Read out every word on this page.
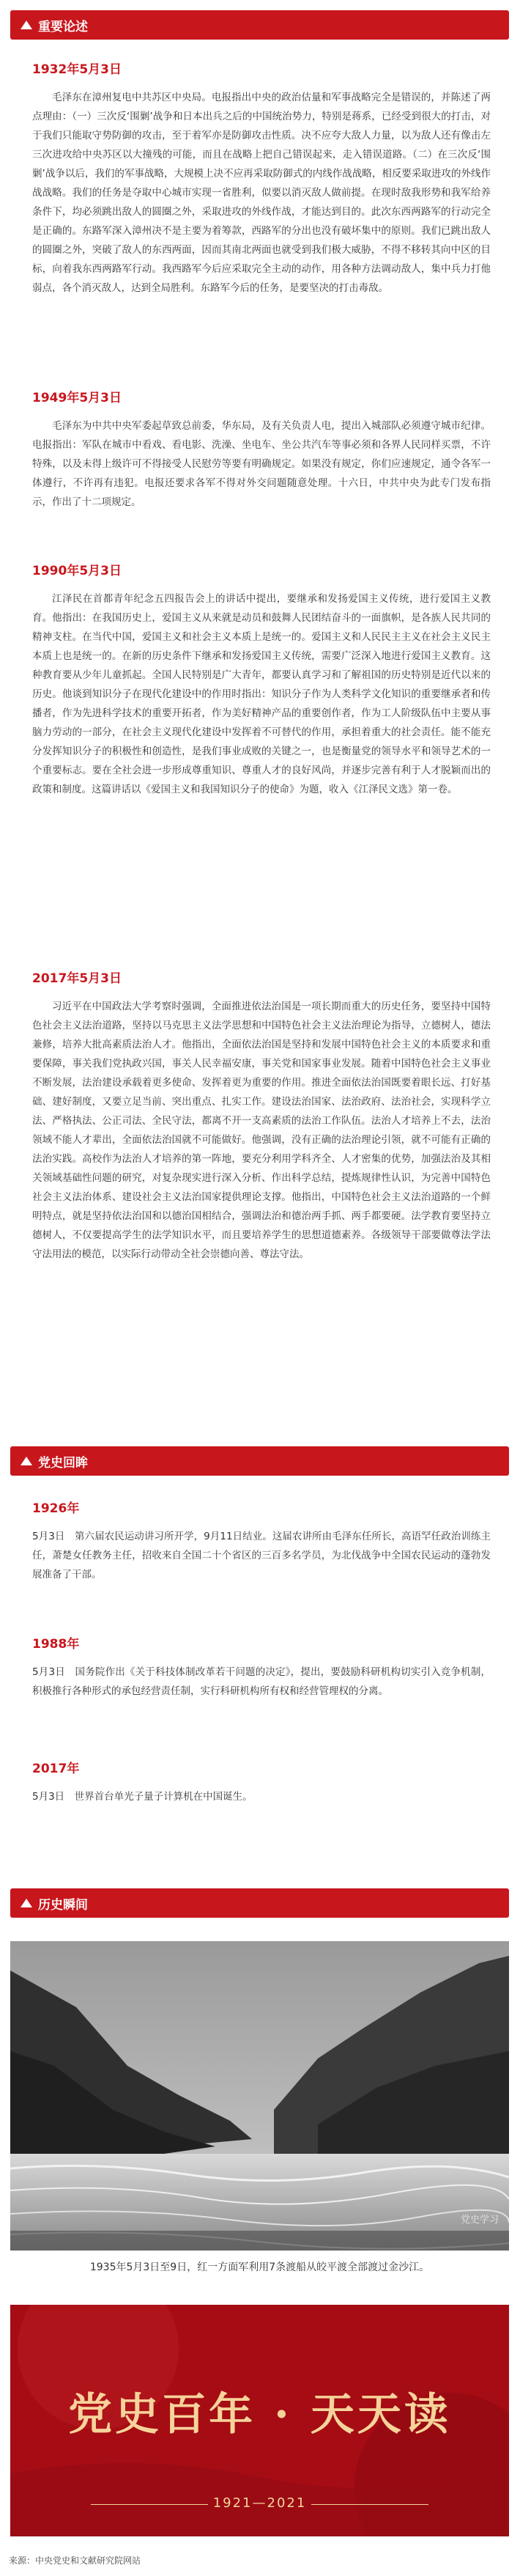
重要论述
1932年5月3日

毛泽东在漳州复电中共苏区中央局。电报指出中央的政治估量和军事战略完全是错误的，并陈述了两点理由：（一）三次反‘围剿’战争和日本出兵之后的中国统治势力，特别是蒋系，已经受到很大的打击，对于我们只能取守势防御的攻击，至于着军亦是防御攻击性质。决不应夸大敌人力量，以为敌人还有像击左三次进攻给中央苏区以大撞残的可能，而且在战略上把自己错误起来，走入错误道路。（二）在三次反‘围剿’战争以后，我们的军事战略，大规模上决不应再采取防御式的内线作战战略，相反要采取进攻的外线作战战略。我们的任务是夺取中心城市实现一省胜利，似要以消灭敌人做前提。在现时敌我形势和我军给养条件下，均必须跳出敌人的圆圈之外，采取进攻的外线作战，才能达到目的。此次东西两路军的行动完全是正确的。东路军深入漳州决不是主要为着筹款，西路军的分出也没有破坏集中的原则。我们已跳出敌人的圆圈之外，突破了敌人的东西两面，因而其南北两面也就受到我们极大威胁，不得不移转其向中区的目标，向着我东西两路军行动。我西路军今后应采取完全主动的动作，用各种方法调动敌人，集中兵力打他弱点，各个消灭敌人，达到全局胜利。东路军今后的任务，是要坚决的打击毒敌。

1949年5月3日

毛泽东为中共中央军委起草致总前委，华东局，及有关负责人电，提出入城部队必须遵守城市纪律。电报指出：军队在城市中看戏、看电影、洗澡、坐电车、坐公共汽车等事必须和各界人民同样买票，不许特殊，以及未得上级许可不得接受人民慰劳等要有明确规定。如果没有规定，你们应速规定，通令各军一体遵行，不许再有违犯。电报还要求各军不得对外交问题随意处理。十六日，中共中央为此专门发布指示，作出了十二项规定。

1990年5月3日

江泽民在首都青年纪念五四报告会上的讲话中提出，要继承和发扬爱国主义传统，进行爱国主义教育。他指出：在我国历史上，爱国主义从来就是动员和鼓舞人民团结奋斗的一面旗帜，是各族人民共同的精神支柱。在当代中国，爱国主义和社会主义本质上是统一的。爱国主义和人民民主主义在社会主义民主本质上也是统一的。在新的历史条件下继承和发扬爱国主义传统，需要广泛深入地进行爱国主义教育。这种教育要从少年儿童抓起。全国人民特别是广大青年，都要认真学习和了解祖国的历史特别是近代以来的历史。他谈到知识分子在现代化建设中的作用时指出：知识分子作为人类科学文化知识的重要继承者和传播者，作为先进科学技术的重要开拓者，作为美好精神产品的重要创作者，作为工人阶级队伍中主要从事脑力劳动的一部分，在社会主义现代化建设中发挥着不可替代的作用，承担着重大的社会责任。能不能充分发挥知识分子的积极性和创造性，是我们事业成败的关键之一，也是衡量党的领导水平和领导艺术的一个重要标志。要在全社会进一步形成尊重知识、尊重人才的良好风尚，并逐步完善有利于人才脱颖而出的政策和制度。这篇讲话以《爱国主义和我国知识分子的使命》为题，收入《江泽民文选》第一卷。

2017年5月3日

习近平在中国政法大学考察时强调，全面推进依法治国是一项长期而重大的历史任务，要坚持中国特色社会主义法治道路，坚持以马克思主义法学思想和中国特色社会主义法治理论为指导，立德树人，德法兼修，培养大批高素质法治人才。他指出，全面依法治国是坚持和发展中国特色社会主义的本质要求和重要保障，事关我们党执政兴国，事关人民幸福安康，事关党和国家事业发展。随着中国特色社会主义事业不断发展，法治建设承载着更多使命、发挥着更为重要的作用。推进全面依法治国既要着眼长远、打好基础、建好制度，又要立足当前、突出重点、扎实工作。建设法治国家、法治政府、法治社会，实现科学立法、严格执法、公正司法、全民守法，都离不开一支高素质的法治工作队伍。法治人才培养上不去，法治领域不能人才辈出，全面依法治国就不可能做好。他强调，没有正确的法治理论引领，就不可能有正确的法治实践。高校作为法治人才培养的第一阵地，要充分利用学科齐全、人才密集的优势，加强法治及其相关领域基础性问题的研究，对复杂现实进行深入分析、作出科学总结，提炼规律性认识，为完善中国特色社会主义法治体系、建设社会主义法治国家提供理论支撑。他指出，中国特色社会主义法治道路的一个鲜明特点，就是坚持依法治国和以德治国相结合，强调法治和德治两手抓、两手都要硬。法学教育要坚持立德树人，不仅要提高学生的法学知识水平，而且要培养学生的思想道德素养。各级领导干部要做尊法学法守法用法的模范，以实际行动带动全社会崇德向善、尊法守法。

党史回眸
1926年

5月3日　第六届农民运动讲习所开学，9月11日结业。这届农讲所由毛泽东任所长，高语罕任政治训练主任，萧楚女任教务主任，招收来自全国二十个省区的三百多名学员，为北伐战争中全国农民运动的蓬勃发展准备了干部。

1988年

5月3日　国务院作出《关于科技体制改革若干问题的决定》，提出，要鼓励科研机构切实引入竞争机制，积极推行各种形式的承包经营责任制，实行科研机构所有权和经营管理权的分离。

2017年

5月3日　世界首台单光子量子计算机在中国诞生。

历史瞬间
党史学习
1935年5月3日至9日，红一方面军利用7条渡船从皎平渡全部渡过金沙江。
党史百年 · 天天读
1921—2021
来源：中央党史和文献研究院网站
